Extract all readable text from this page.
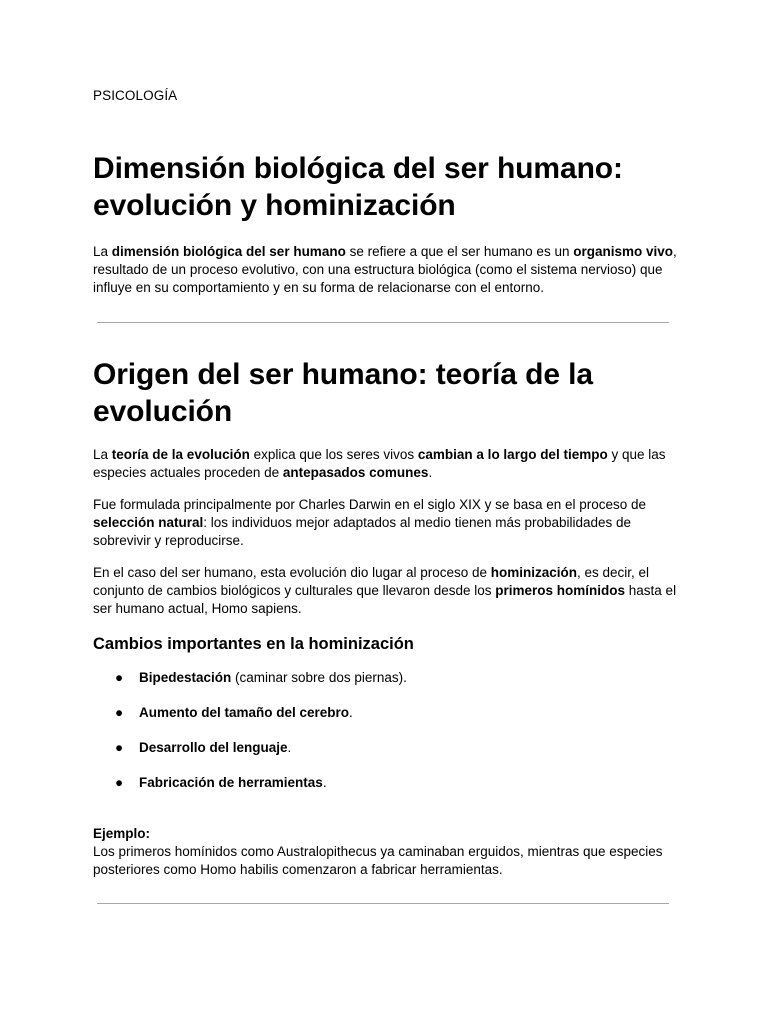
PSICOLOGÍA
Dimensión biológica del ser humano:
evolución y hominización

La dimensión biológica del ser humano se refiere a que el ser humano es un organismo vivo, resultado de un proceso evolutivo, con una estructura biológica (como el sistema nervioso) que influye en su comportamiento y en su forma de relacionarse con el entorno.

Origen del ser humano: teoría de la
evolución

La teoría de la evolución explica que los seres vivos cambian a lo largo del tiempo y que las especies actuales proceden de antepasados comunes.

Fue formulada principalmente por Charles Darwin en el siglo XIX y se basa en el proceso de selección natural: los individuos mejor adaptados al medio tienen más probabilidades de sobrevivir y reproducirse.

En el caso del ser humano, esta evolución dio lugar al proceso de hominización, es decir, el conjunto de cambios biológicos y culturales que llevaron desde los primeros homínidos hasta el ser humano actual, Homo sapiens.

Cambios importantes en la hominización
● Bipedestación (caminar sobre dos piernas).
● Aumento del tamaño del cerebro.
● Desarrollo del lenguaje.
● Fabricación de herramientas.

Ejemplo:
Los primeros homínidos como Australopithecus ya caminaban erguidos, mientras que especies posteriores como Homo habilis comenzaron a fabricar herramientas.
